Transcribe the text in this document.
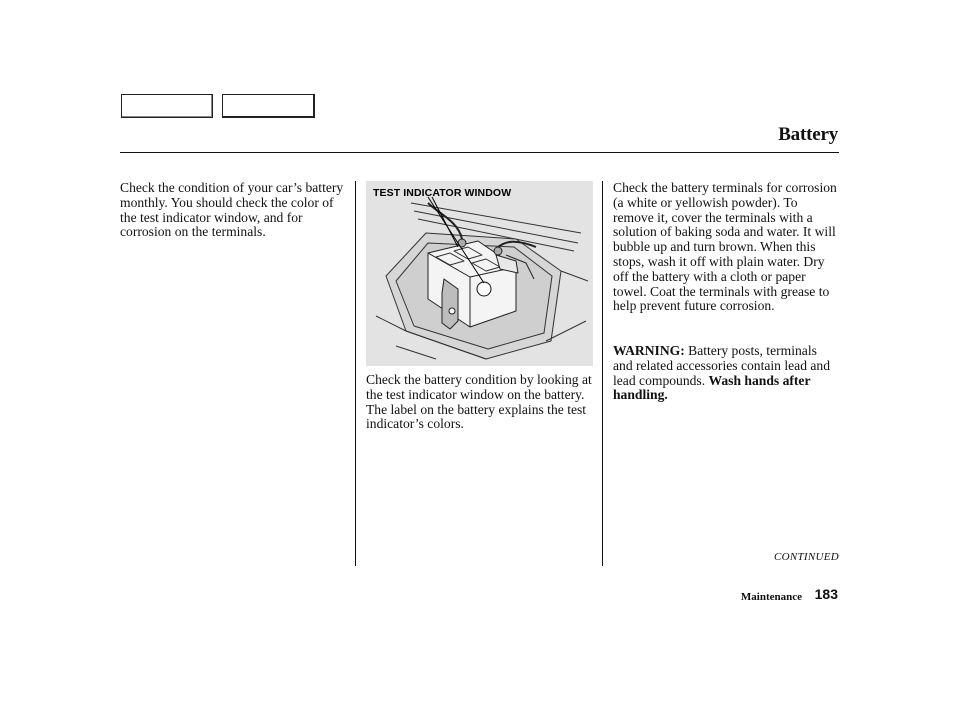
Battery

Check the condition of your car’s battery monthly. You should check the color of the test indicator window, and for corrosion on the terminals.

TEST INDICATOR WINDOW

Check the battery condition by looking at the test indicator window on the battery.
The label on the battery explains the test indicator’s colors.

Check the battery terminals for corrosion (a white or yellowish powder). To remove it, cover the terminals with a solution of baking soda and water. It will bubble up and turn brown. When this stops, wash it off with plain water. Dry off the battery with a cloth or paper towel. Coat the terminals with grease to help prevent future corrosion.

WARNING: Battery posts, terminals and related accessories contain lead and lead compounds. Wash hands after handling.

CONTINUED
Maintenance 183
